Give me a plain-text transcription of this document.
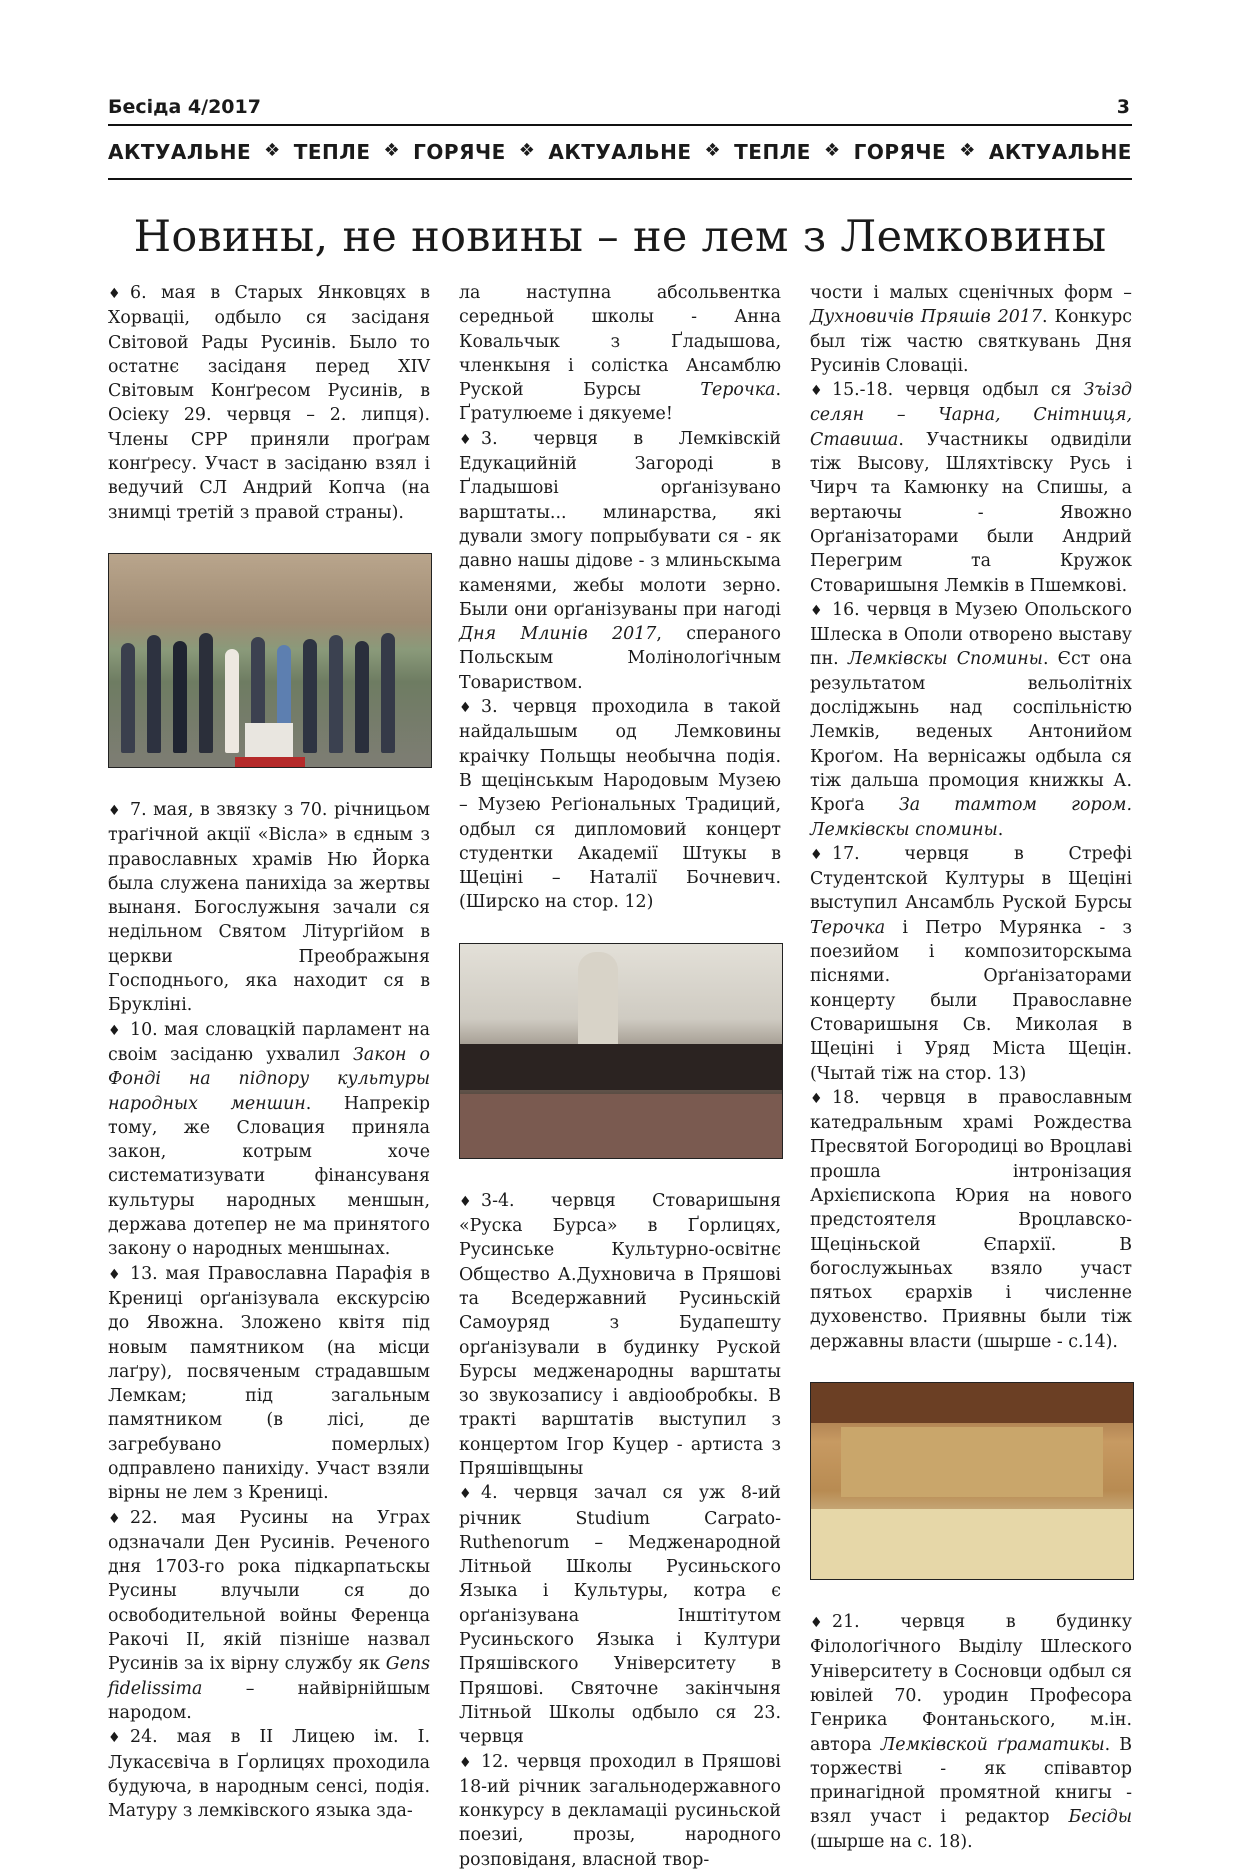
Бесіда 4/2017	3
АКТУАЛЬНЕ ❖ ТЕПЛЕ ❖ ГОРЯЧЕ ❖ АКТУАЛЬНЕ ❖ ТЕПЛЕ ❖ ГОРЯЧЕ ❖ АКТУАЛЬНЕ
Новины, не новины – не лем з Лемковины

♦ 6. мая в Старых Янковцях в Хорваціі, одбыло ся засіданя Світовой Рады Русинів. Было то остатнє засіданя перед XIV Світовым Конґресом Русинів, в Осіеку 29. червця – 2. липця). Члены СРР приняли проґрам конґресу. Участ в засіданю взял і ведучий СЛ Андрий Копча (на знимці третій з правой страны).

♦ 7. мая, в звязку з 70. річницьом траґічной акції «Вісла» в єдным з православных храмів Ню Йорка была служена панихіда за жертвы вынаня. Богослужыня зачали ся недільном Святом Літурґійом в церкви Преображыня Господнього, яка находит ся в Брукліні.

♦ 10. мая словацкій парламент на своім засіданю ухвалил Закон о Фонді на підпору культуры народных меншин. Напрекір тому, же Словация приняла закон, котрым хоче систематизувати фінансуваня культуры народных меншын, держава дотепер не ма принятого закону о народных меншынах.

♦ 13. мая Православна Парафія в Крениці орґанізувала екскурсію до Явожна. Зложено квітя під новым памятником (на місци лаґру), посвяченым страдавшым Лемкам; під загальным памятником (в лісі, де загребувано померлых) одправлено панихіду. Участ взяли вірны не лем з Крениці.

♦ 22. мая Русины на Уграх одзначали Ден Русинів. Реченого дня 1703-го рока підкарпатьскы Русины влучыли ся до освободительной войны Ференца Ракочі II, якій пізніше назвал Русинів за іх вірну службу як Gens fidelissima – найвірнійшым народом.

♦ 24. мая в II Лицею ім. І. Лукасєвіча в Ґорлицях проходила будуюча, в народным сенсі, подія. Матуру з лемківского языка зда-

ла наступна абсольвентка середньой школы - Анна Ковальчык з Ґладышова, членкыня і солістка Ансамблю Руской Бурсы Терочка. Ґратулюеме і дякуеме!

♦ 3. червця в Лемківскій Едукацийній Загороді в Ґладышові орґанізувано варштаты... млинарства, які дували змогу попрыбувати ся - як давно нашы дідове - з млиньскыма каменями, жебы молоти зерно. Были они орґанізуваны при нагоді Дня Млинів 2017, сперaного Польскым Молінолоґічным Товариством.

♦ 3. червця проходила в такой найдальшым од Лемковины краічку Польщы необычна подія. В щецінськым Народовым Музею – Музею Реґіональных Традиций, одбыл ся дипломовий концерт студентки Академії Штукы в Щеціні – Наталії Бочневич. (Ширско на стор. 12)

♦ 3-4. червця Стоваришыня «Руска Бурса» в Ґорлицях, Русинське Культурно-освітнє Общество А.Духновича в Пряшові та Вседержавний Русиньскій Самоуряд з Будапешту орґанізували в будинку Руской Бурсы медженародны варштаты зо звукозапису і авдіообробкы. В тракті варштатів выступил з концертом Ігор Куцер - артиста з Пряшівщыны

♦ 4. червця зачал ся уж 8-ий річник Studium Carpato-Ruthenorum – Медженародной Літньой Школы Русиньского Языка і Культуры, котра є орґанізувана Інштітутом Русиньского Языка і Култури Пряшівского Університету в Пряшові. Святочне закінчыня Літньой Школы одбыло ся 23. червця

♦ 12. червця проходил в Пряшові 18-ий річник загальнодержавного конкурсу в декламаціі русиньской поезиі, прозы, народного розповіданя, власной твор-

чости і малых сценічных форм – Духновичів Пряшів 2017. Конкурс был тіж частю святкувань Дня Русинів Словаціі.

♦ 15.-18. червця одбыл ся Зъізд селян – Чарна, Снітниця, Ставиша. Участникы одвиділи тіж Высову, Шляхтівску Русь і Чирч та Камюнку на Спишы, а вертаючы - Явожно Орґанізаторами были Андрий Перегрим та Кружок Стоваришыня Лемків в Пшемкові.

♦ 16. червця в Музею Опольского Шлеска в Ополи отворено выставу пн. Лемківскы Спомины. Єст она результатом вельолітніх досліджынь над соспільністю Лемків, веденых Антонийом Кроґом. На вернісажы одбыла ся тіж дальша промоция книжкы А. Кроґа За тамтом гором. Лемківскы спомины.

♦ 17. червця в Стрефі Студентской Културы в Щеціні выступил Ансамбль Руской Бурсы Терочка і Петро Мурянка - з поезийом і композиторскыма піснями. Орґанізаторами концерту были Православне Стоваришыня Св. Миколая в Щеціні і Уряд Міста Щецін. (Чытай тіж на стор. 13)

♦ 18. червця в православным катедральным храмі Рождества Пресвятой Богородиці во Вроцлаві прошла інтронізация Архієпископа Юрия на нового предстоятеля Вроцлавско-Щеціньской Єпархії. В богослужыньах взяло участ пятьох єрархів і численне духовенство. Приявны были тіж державны власти (шырше - с.14).

♦ 21. червця в будинку Філолоґічного Выділу Шлеского Університету в Сосновци одбыл ся ювілей 70. уродин Професора Генрика Фонтаньского, м.ін. автора Лемківской ґраматикы. В торжестві - як співавтор принагідной промятной книгы - взял участ і редактор Бесіды (шырше на с. 18).
